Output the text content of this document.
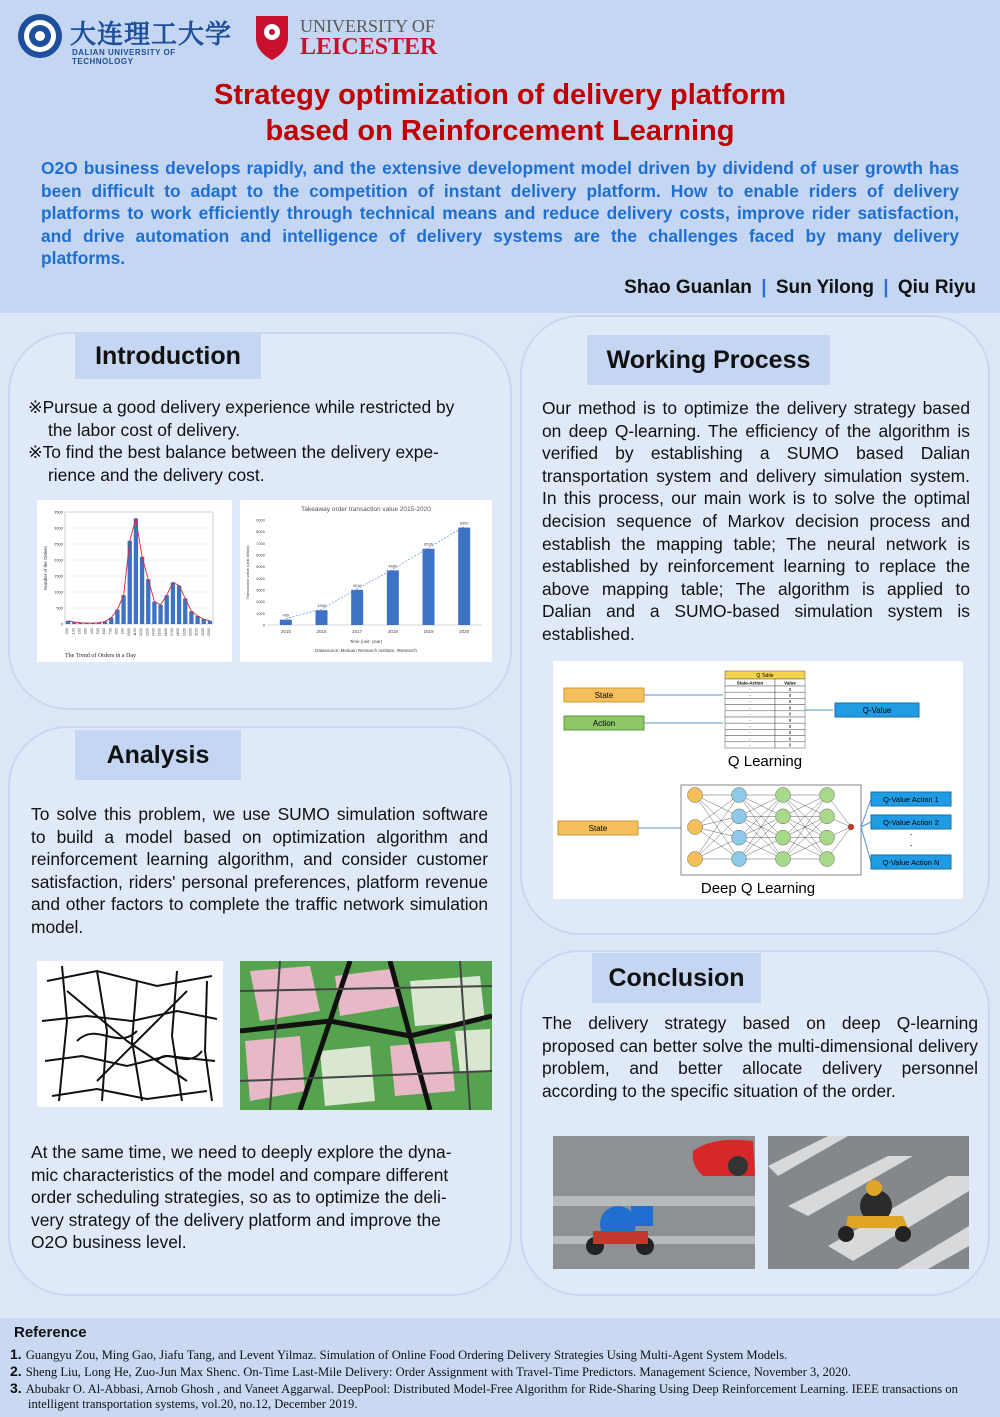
大连理工大学
DALIAN UNIVERSITY OF TECHNOLOGY
UNIVERSITY OF
LEICESTER
Strategy optimization of delivery platform
based on Reinforcement Learning
O2O business develops rapidly, and the extensive development model driven by dividend of user growth has been difficult to adapt to the competition of instant delivery platform. How to enable riders of delivery platforms to work efficiently through technical means and reduce delivery costs, improve rider satisfaction, and drive automation and intelligence of delivery systems are the challenges faced by many delivery platforms.
Shao Guanlan | Sun Yilong | Qiu Riyu
Introduction
※Pursue a good delivery experience while restricted by
the labor cost of delivery.
※To find the best balance between the delivery expe-
rience and the delivery cost.
0
500
1000
1500
2000
2500
3000
3500
0:00 1:00 2:00 3:00 4:00 5:00 6:00 7:00 8:00 9:00 10:00 11:00 12:00 13:00 14:00 15:00 16:00 17:00 18:00 19:00 20:00 21:00 22:00 23:00
Number of the Orders
The Trend of Orders in a Day
Takeaway order transaction value 2015-2020
0
1000
2000
3000
4000
5000
6000
7000
8000
9000
459
2015
1268
2016
3016
2017
4680
2018
6536
2019
8352
2020
Transaction value (unit: billion)
Time (unit: year)
Datasource: Meituan Research Institute, iResearch
Analysis
To solve this problem, we use SUMO simulation software to build a model based on optimization algorithm and reinforcement learning algorithm, and consider customer satisfaction, riders' personal preferences, platform revenue and other factors to complete the traffic network simulation model.
At the same time, we need to deeply explore the dyna-
mic characteristics of the model and compare different
order scheduling strategies, so as to optimize the deli-
very strategy of the delivery platform and improve the
O2O business level.
Working Process
Our method is to optimize the delivery strategy based on deep Q-learning. The efficiency of the algorithm is verified by establishing a SUMO based Dalian transportation system and delivery simulation system. In this process, our main work is to solve the optimal decision sequence of Markov decision process and establish the mapping table; The neural network is established by reinforcement learning to replace the above mapping table; The algorithm is applied to Dalian and a SUMO-based simulation system is established.
State
Action
Q Table
State-Action	Value
-	0
-	0
-	0
-	0
-	0
-	0
-	0
-	0
-	0
-	0
Q-Value
Q Learning
State
Q-Value Action 1
Q-Value Action 2
-
-
Q-Value Action N
Deep Q Learning
Conclusion
The delivery strategy based on deep Q-learning proposed can better solve the multi-dimensional delivery problem, and better allocate delivery personnel according to the specific situation of the order.
Reference
1. Guangyu Zou, Ming Gao, Jiafu Tang, and Levent Yilmaz. Simulation of Online Food Ordering Delivery Strategies Using Multi-Agent System Models.
2. Sheng Liu, Long He, Zuo-Jun Max Shenc. On-Time Last-Mile Delivery: Order Assignment with Travel-Time Predictors. Management Science, November 3, 2020.
3. Abubakr O. Al-Abbasi, Arnob Ghosh , and Vaneet Aggarwal. DeepPool: Distributed Model-Free Algorithm for Ride-Sharing Using Deep Reinforcement Learning. IEEE transactions on intelligent transportation systems, vol.20, no.12, December 2019.
